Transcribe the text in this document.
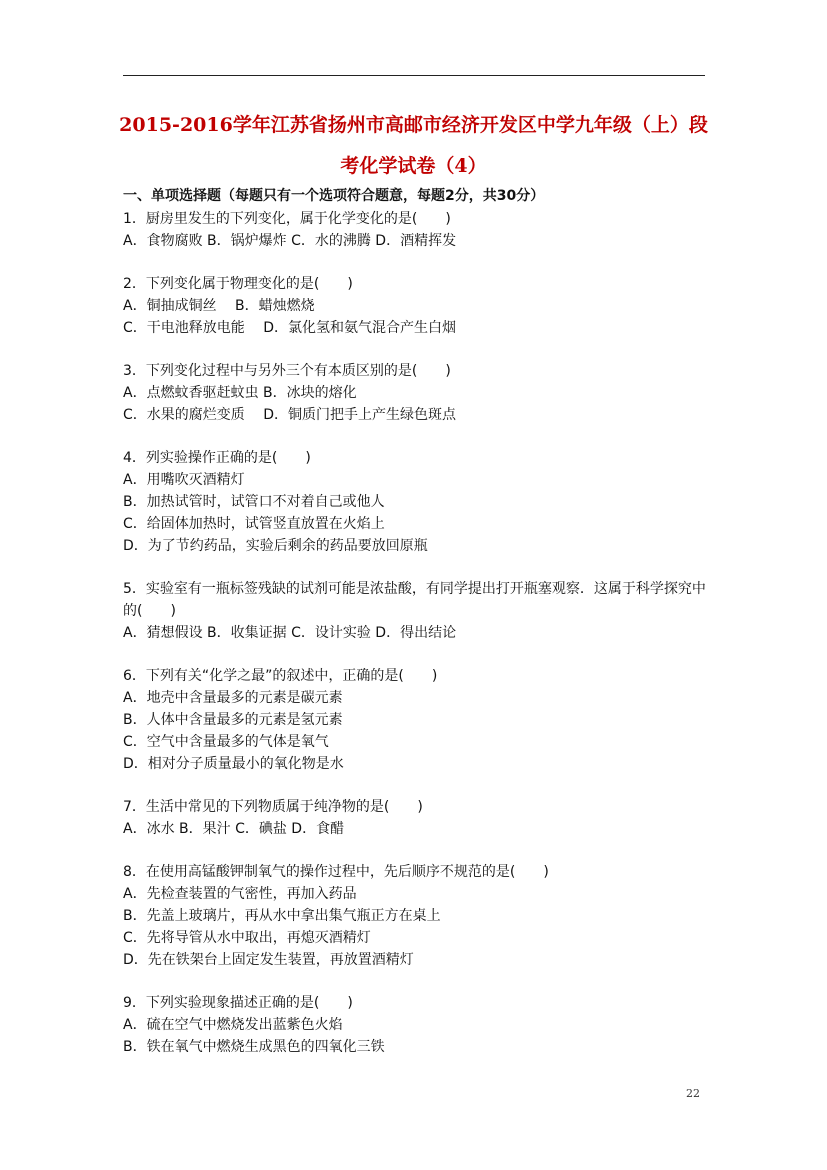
2015-2016学年江苏省扬州市高邮市经济开发区中学九年级（上）段
考化学试卷（4）

一、单项选择题（每题只有一个选项符合题意，每题2分，共30分）

1．厨房里发生的下列变化，属于化学变化的是(　　)
A．食物腐败 B．锅炉爆炸 C．水的沸腾 D．酒精挥发
2．下列变化属于物理变化的是(　　)
A．铜抽成铜丝　 B．蜡烛燃烧
C．干电池释放电能　 D．氯化氢和氨气混合产生白烟
3．下列变化过程中与另外三个有本质区别的是(　　)
A．点燃蚊香驱赶蚊虫 B．冰块的熔化
C．水果的腐烂变质　 D．铜质门把手上产生绿色斑点
4．列实验操作正确的是(　　)
A．用嘴吹灭酒精灯
B．加热试管时，试管口不对着自己或他人
C．给固体加热时，试管竖直放置在火焰上
D．为了节约药品，实验后剩余的药品要放回原瓶
5．实验室有一瓶标签残缺的试剂可能是浓盐酸，有同学提出打开瓶塞观察．这属于科学探究中的(　　)
A．猜想假设 B．收集证据 C．设计实验 D．得出结论
6．下列有关“化学之最”的叙述中，正确的是(　　)
A．地壳中含量最多的元素是碳元素
B．人体中含量最多的元素是氢元素
C．空气中含量最多的气体是氧气
D．相对分子质量最小的氧化物是水
7．生活中常见的下列物质属于纯净物的是(　　)
A．冰水 B．果汁 C．碘盐 D．食醋
8．在使用高锰酸钾制氧气的操作过程中，先后顺序不规范的是(　　)
A．先检查装置的气密性，再加入药品
B．先盖上玻璃片，再从水中拿出集气瓶正方在桌上
C．先将导管从水中取出，再熄灭酒精灯
D．先在铁架台上固定发生装置，再放置酒精灯
9．下列实验现象描述正确的是(　　)
A．硫在空气中燃烧发出蓝紫色火焰
B．铁在氧气中燃烧生成黑色的四氧化三铁
22
